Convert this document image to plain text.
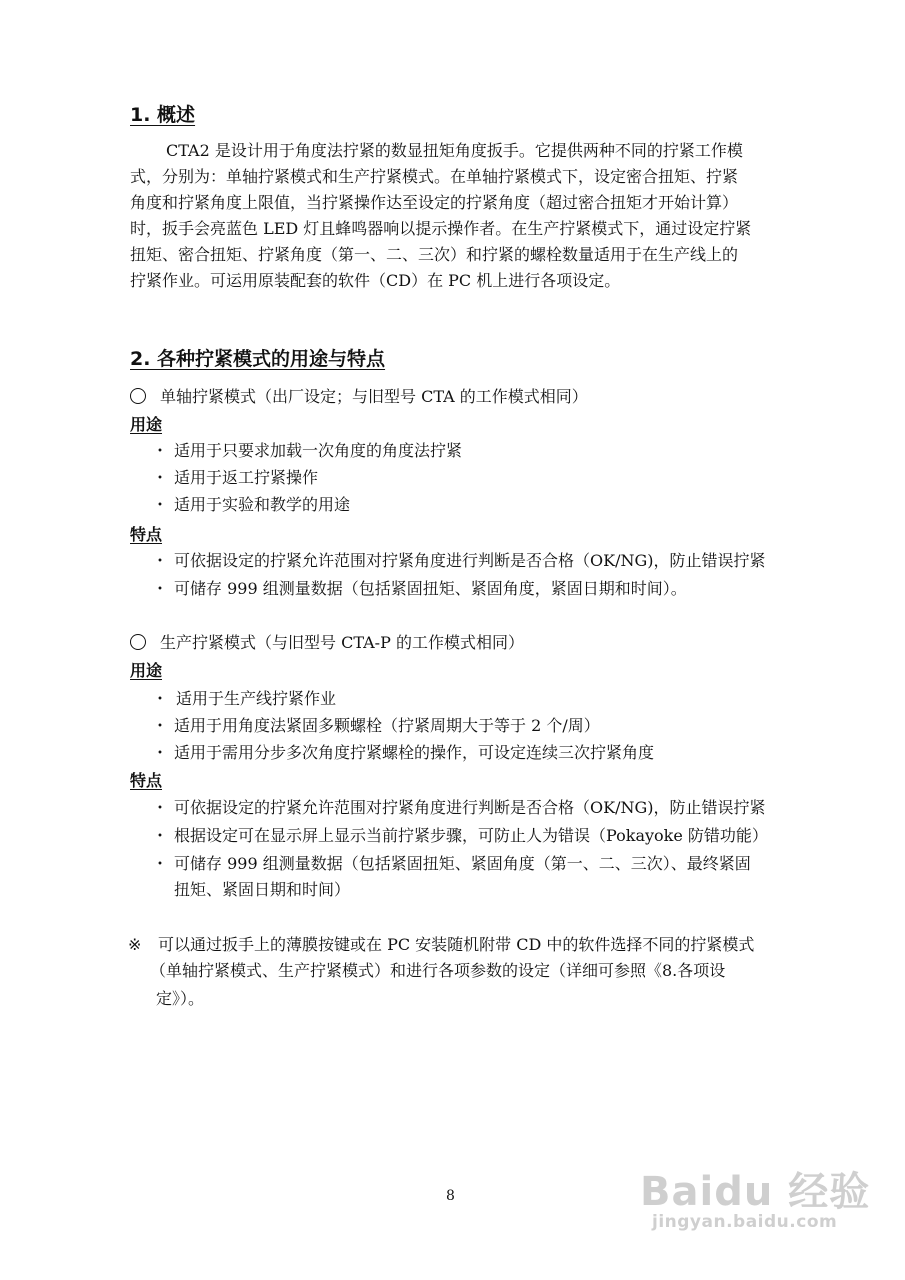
1. 概述
CTA2 是设计用于角度法拧紧的数显扭矩角度扳手。它提供两种不同的拧紧工作模
式，分别为：单轴拧紧模式和生产拧紧模式。在单轴拧紧模式下，设定密合扭矩、拧紧
角度和拧紧角度上限值，当拧紧操作达至设定的拧紧角度（超过密合扭矩才开始计算）
时，扳手会亮蓝色 LED 灯且蜂鸣器响以提示操作者。在生产拧紧模式下，通过设定拧紧
扭矩、密合扭矩、拧紧角度（第一、二、三次）和拧紧的螺栓数量适用于在生产线上的
拧紧作业。可运用原装配套的软件（CD）在 PC 机上进行各项设定。
2. 各种拧紧模式的用途与特点
单轴拧紧模式（出厂设定；与旧型号 CTA 的工作模式相同）
用途
・ 适用于只要求加载一次角度的角度法拧紧
・ 适用于返工拧紧操作
・ 适用于实验和教学的用途
特点
・ 可依据设定的拧紧允许范围对拧紧角度进行判断是否合格（OK/NG)，防止错误拧紧
・ 可储存 999 组测量数据（包括紧固扭矩、紧固角度，紧固日期和时间）。
生产拧紧模式（与旧型号 CTA-P 的工作模式相同）
用途
・ 适用于生产线拧紧作业
・ 适用于用角度法紧固多颗螺栓（拧紧周期大于等于 2 个/周）
・ 适用于需用分步多次角度拧紧螺栓的操作，可设定连续三次拧紧角度
特点
・ 可依据设定的拧紧允许范围对拧紧角度进行判断是否合格（OK/NG)，防止错误拧紧
・ 根据设定可在显示屏上显示当前拧紧步骤，可防止人为错误（Pokayoke 防错功能）
・ 可储存 999 组测量数据（包括紧固扭矩、紧固角度（第一、二、三次）、最终紧固
扭矩、紧固日期和时间）
※ 可以通过扳手上的薄膜按键或在 PC 安装随机附带 CD 中的软件选择不同的拧紧模式
（单轴拧紧模式、生产拧紧模式）和进行各项参数的设定（详细可参照《8.各项设
定》）。
8	Baidu 经验
jingyan.baidu.com
